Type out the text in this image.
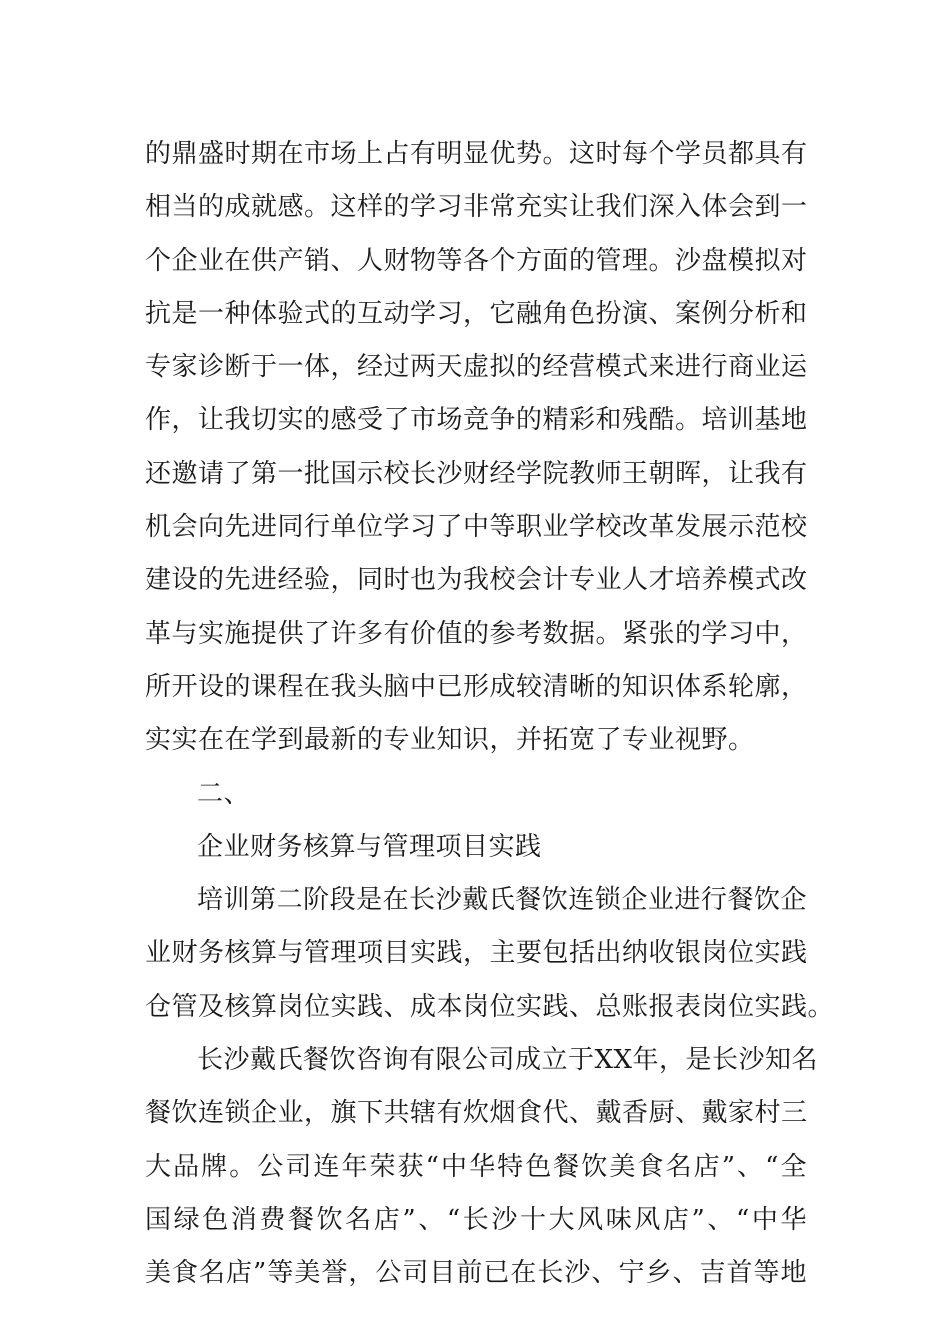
的鼎盛时期在市场上占有明显优势。这时每个学员都具有
相当的成就感。这样的学习非常充实让我们深入体会到一
个企业在供产销、人财物等各个方面的管理。沙盘模拟对
抗是一种体验式的互动学习，它融角色扮演、案例分析和
专家诊断于一体，经过两天虚拟的经营模式来进行商业运
作，让我切实的感受了市场竞争的精彩和残酷。培训基地
还邀请了第一批国示校长沙财经学院教师王朝晖，让我有
机会向先进同行单位学习了中等职业学校改革发展示范校
建设的先进经验，同时也为我校会计专业人才培养模式改
革与实施提供了许多有价值的参考数据。紧张的学习中，
所开设的课程在我头脑中已形成较清晰的知识体系轮廓，
实实在在学到最新的专业知识，并拓宽了专业视野。
二、
企业财务核算与管理项目实践
培训第二阶段是在长沙戴氏餐饮连锁企业进行餐饮企
业财务核算与管理项目实践，主要包括出纳收银岗位实践
仓管及核算岗位实践、成本岗位实践、总账报表岗位实践。
长沙戴氏餐饮咨询有限公司成立于XX年，是长沙知名
餐饮连锁企业，旗下共辖有炊烟食代、戴香厨、戴家村三
大品牌。公司连年荣获“中华特色餐饮美食名店”、“全
国绿色消费餐饮名店”、“长沙十大风味风店”、“中华
美食名店”等美誉，公司目前已在长沙、宁乡、吉首等地
